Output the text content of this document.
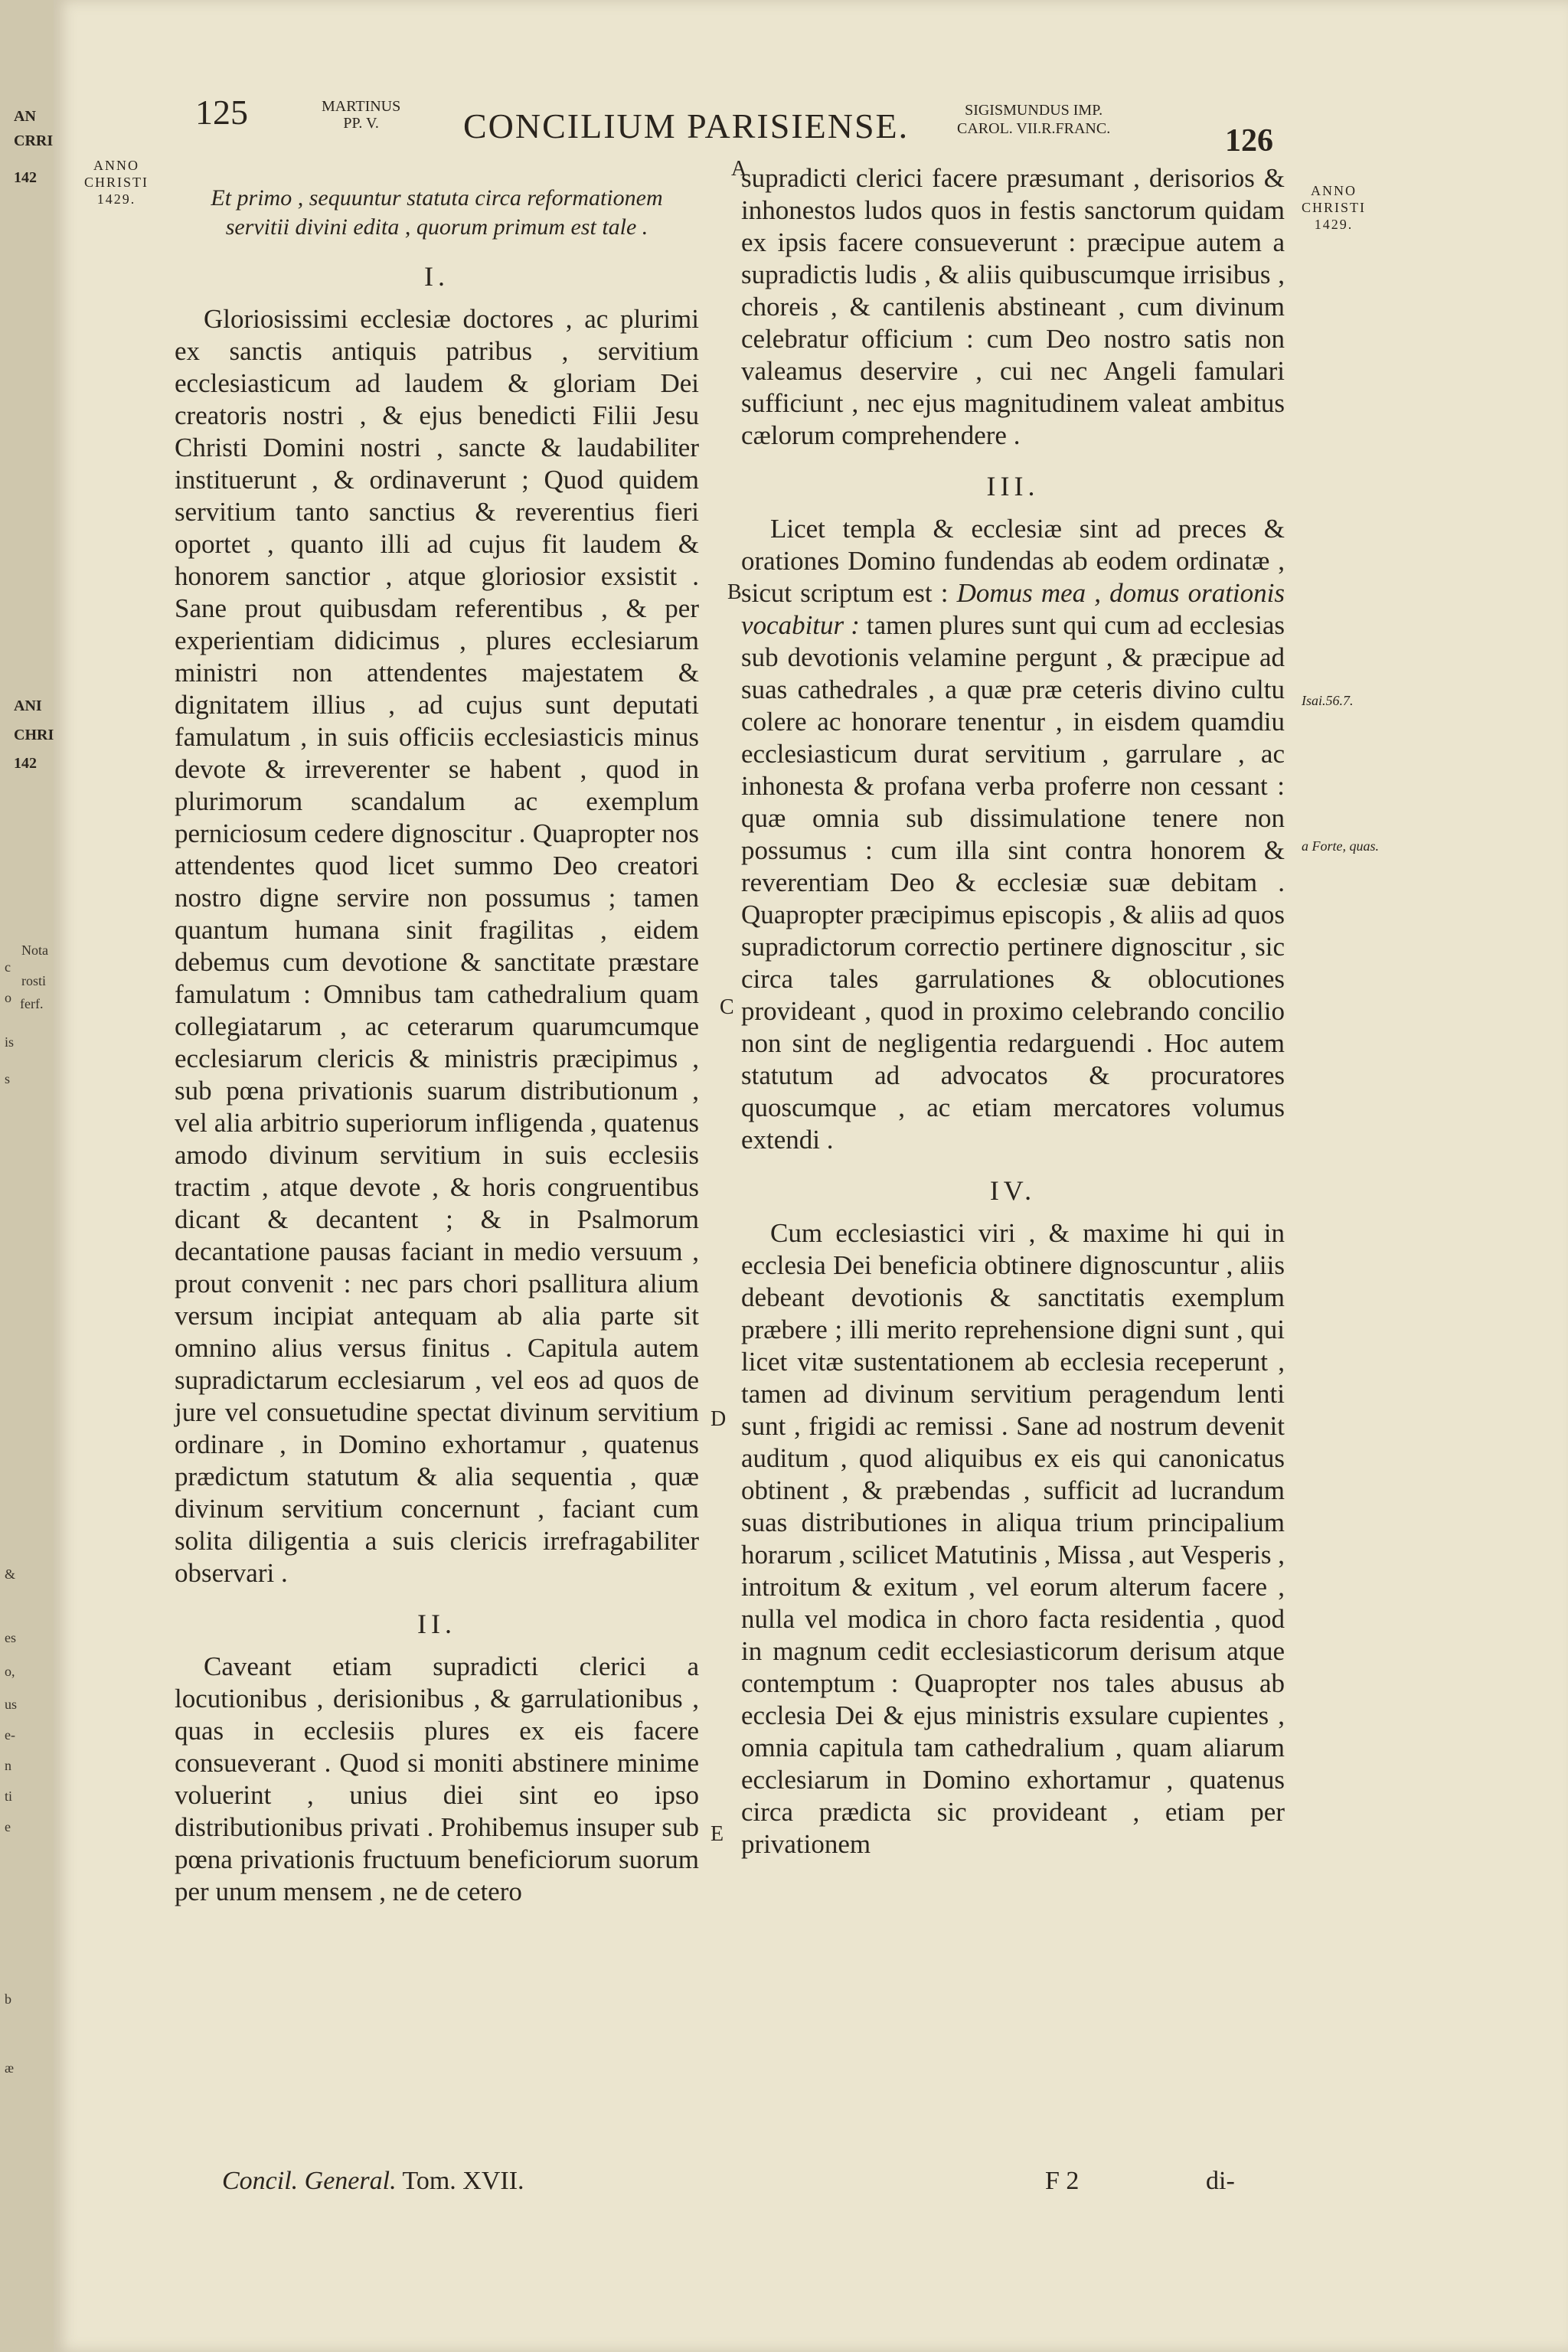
AN
CRRI
142
ANI
CHRI
142
Nota
c
rosti
o ferf.
is
s
&
es
o,
us
e-
n
ti
e
b
æ
125	MARTINUS
PP. V.	CONCILIUM PARISIENSE.	SIGISMUNDUS IMP.
CAROL. VII.R.FRANC.	126
ANNO
CHRISTI
1429.
ANNO
CHRISTI
1429.
A
B
C
D
E
Isai.56.7.
a Forte, quas.

Et primo , sequuntur statuta circa reformationem servitii divini edita , quorum primum est tale .

I.

Gloriosissimi ecclesiæ doctores , ac plurimi ex sanctis antiquis patribus , servitium ecclesiasticum ad laudem & gloriam Dei creatoris nostri , & ejus benedicti Filii Jesu Christi Domini nostri , sancte & laudabiliter instituerunt , & ordinaverunt ; Quod quidem servitium tanto sanctius & reverentius fieri oportet , quanto illi ad cujus fit laudem & honorem sanctior , atque gloriosior exsistit . Sane prout quibusdam referentibus , & per experientiam didicimus , plures ecclesiarum ministri non attendentes majestatem & dignitatem illius , ad cujus sunt deputati famulatum , in suis officiis ecclesiasticis minus devote & irreverenter se habent , quod in plurimorum scandalum ac exemplum perniciosum cedere dignoscitur . Quapropter nos attendentes quod licet summo Deo creatori nostro digne servire non possumus ; tamen quantum humana sinit fragilitas , eidem debemus cum devotione & sanctitate præstare famulatum : Omnibus tam cathedralium quam collegiatarum , ac ceterarum quarumcumque ecclesiarum clericis & ministris præcipimus , sub pœna privationis suarum distributionum , vel alia arbitrio superiorum infligenda , quatenus amodo divinum servitium in suis ecclesiis tractim , atque devote , & horis congruentibus dicant & decantent ; & in Psalmorum decantatione pausas faciant in medio versuum , prout convenit : nec pars chori psallitura alium versum incipiat antequam ab alia parte sit omnino alius versus finitus . Capitula autem supradictarum ecclesiarum , vel eos ad quos de jure vel consuetudine spectat divinum servitium ordinare , in Domino exhortamur , quatenus prædictum statutum & alia sequentia , quæ divinum servitium concernunt , faciant cum solita diligentia a suis clericis irrefragabiliter observari .

II.

Caveant etiam supradicti clerici a locutionibus , derisionibus , & garrulationibus , quas in ecclesiis plures ex eis facere consueverant . Quod si moniti abstinere minime voluerint , unius diei sint eo ipso distributionibus privati . Prohibemus insuper sub pœna privationis fructuum beneficiorum suorum per unum mensem , ne de cetero

supradicti clerici facere præsumant , derisorios & inhonestos ludos quos in festis sanctorum quidam ex ipsis facere consueverunt : præcipue autem a supradictis ludis , & aliis quibuscumque irrisibus , choreis , & cantilenis abstineant , cum divinum celebratur officium : cum Deo nostro satis non valeamus deservire , cui nec Angeli famulari sufficiunt , nec ejus magnitudinem valeat ambitus cælorum comprehendere .

III.

Licet templa & ecclesiæ sint ad preces & orationes Domino fundendas ab eodem ordinatæ , sicut scriptum est : Domus mea , domus orationis vocabitur : tamen plures sunt qui cum ad ecclesias sub devotionis velamine pergunt , & præcipue ad suas cathedrales , a quæ præ ceteris divino cultu colere ac honorare tenentur , in eisdem quamdiu ecclesiasticum durat servitium , garrulare , ac inhonesta & profana verba proferre non cessant : quæ omnia sub dissimulatione tenere non possumus : cum illa sint contra honorem & reverentiam Deo & ecclesiæ suæ debitam . Quapropter præcipimus episcopis , & aliis ad quos supradictorum correctio pertinere dignoscitur , sic circa tales garrulationes & oblocutiones provideant , quod in proximo celebrando concilio non sint de negligentia redarguendi . Hoc autem statutum ad advocatos & procuratores quoscumque , ac etiam mercatores volumus extendi .

IV.

Cum ecclesiastici viri , & maxime hi qui in ecclesia Dei beneficia obtinere dignoscuntur , aliis debeant devotionis & sanctitatis exemplum præbere ; illi merito reprehensione digni sunt , qui licet vitæ sustentationem ab ecclesia receperunt , tamen ad divinum servitium peragendum lenti sunt , frigidi ac remissi . Sane ad nostrum devenit auditum , quod aliquibus ex eis qui canonicatus obtinent , & præbendas , sufficit ad lucrandum suas distributiones in aliqua trium principalium horarum , scilicet Matutinis , Missa , aut Vesperis , introitum & exitum , vel eorum alterum facere , nulla vel modica in choro facta residentia , quod in magnum cedit ecclesiasticorum derisum atque contemptum : Quapropter nos tales abusus ab ecclesia Dei & ejus ministris exsulare cupientes , omnia capitula tam cathedralium , quam aliarum ecclesiarum in Domino exhortamur , quatenus circa prædicta sic provideant , etiam per privationem

Concil. General. Tom. XVII.	F 2	di-
